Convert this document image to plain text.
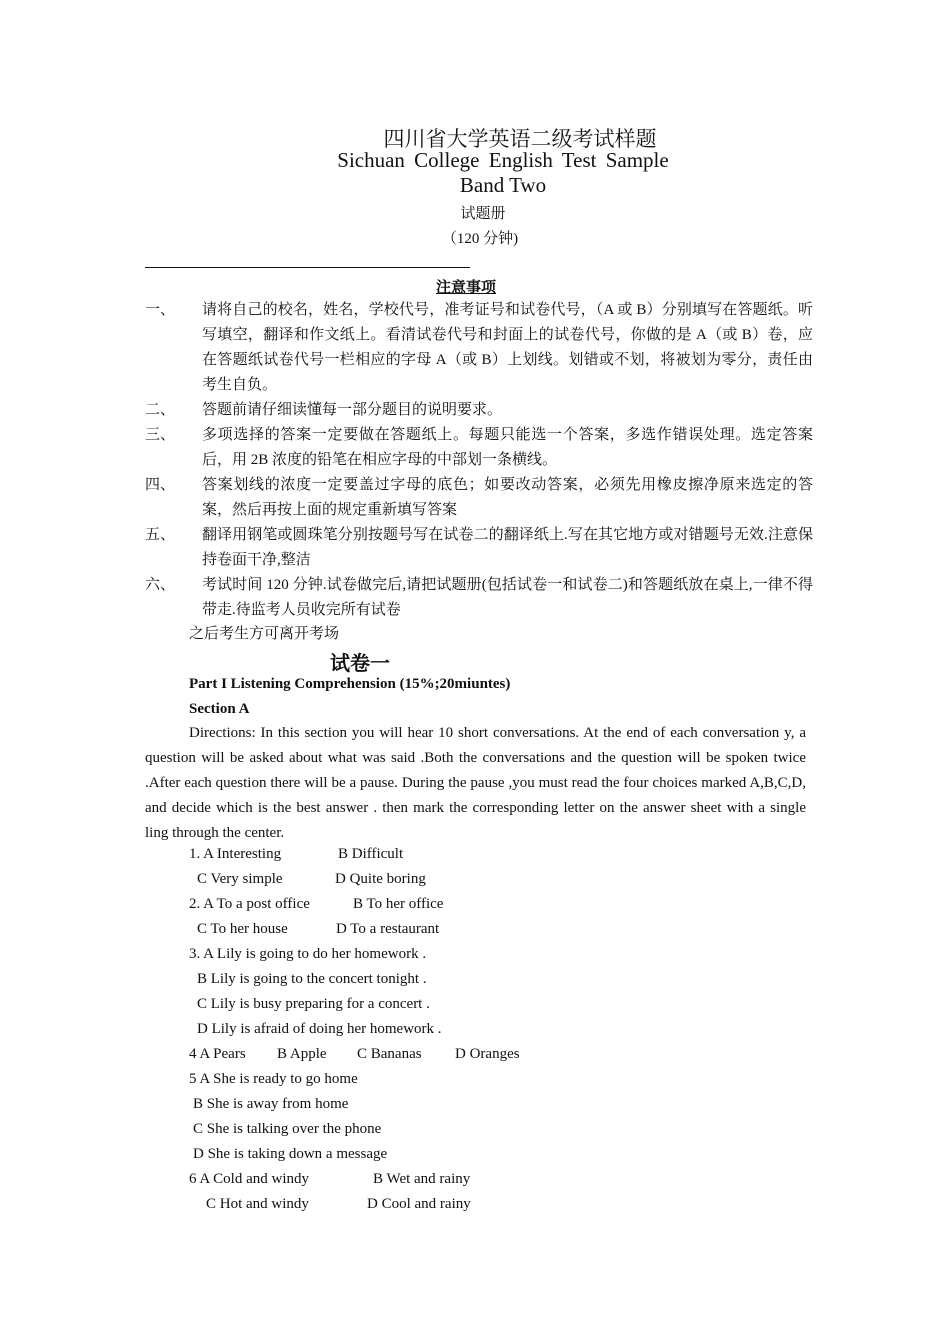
四川省大学英语二级考试样题
Sichuan College English Test Sample
Band Two
试题册
（120 分钟)
注意事项
一、 请将自己的校名，姓名，学校代号，准考证号和试卷代号，（A 或 B）分别填写在答题纸。听写填空，翻译和作文纸上。看清试卷代号和封面上的试卷代号，你做的是 A（或 B）卷，应在答题纸试卷代号一栏相应的字母 A（或 B）上划线。划错或不划，将被划为零分，责任由考生自负。
二、 答题前请仔细读懂每一部分题目的说明要求。
三、 多项选择的答案一定要做在答题纸上。每题只能选一个答案，多选作错误处理。选定答案后，用 2B 浓度的铅笔在相应字母的中部划一条横线。
四、 答案划线的浓度一定要盖过字母的底色；如要改动答案，必须先用橡皮擦净原来选定的答案，然后再按上面的规定重新填写答案
五、 翻译用钢笔或圆珠笔分别按题号写在试卷二的翻译纸上.写在其它地方或对错题号无效.注意保持卷面干净,整洁
六、 考试时间 120 分钟.试卷做完后,请把试题册(包括试卷一和试卷二)和答题纸放在桌上,一律不得带走.待监考人员收完所有试卷
之后考生方可离开考场
试卷一
Part I Listening Comprehension (15%;20miuntes)
Section A
Directions: In this section you will hear 10 short conversations. At the end of each conversation y, a question will be asked about what was said .Both the conversations and the question will be spoken twice .After each question there will be a pause. During the pause ,you must read the four choices marked A,B,C,D, and decide which is the best answer . then mark the corresponding letter on the answer sheet with a single ling through the center.
1. A Interesting	B Difficult
C Very simple	D Quite boring
2. A To a post office	B To her office
C To her house	D To a restaurant
3. A Lily is going to do her homework .
B Lily is going to the concert tonight .
C Lily is busy preparing for a concert .
D Lily is afraid of doing her homework .
4 A Pears B Apple C Bananas D Oranges
5 A She is ready to go home
B She is away from home
C She is talking over the phone
D She is taking down a message
6 A Cold and windy	B Wet and rainy
C Hot and windy	D Cool and rainy
